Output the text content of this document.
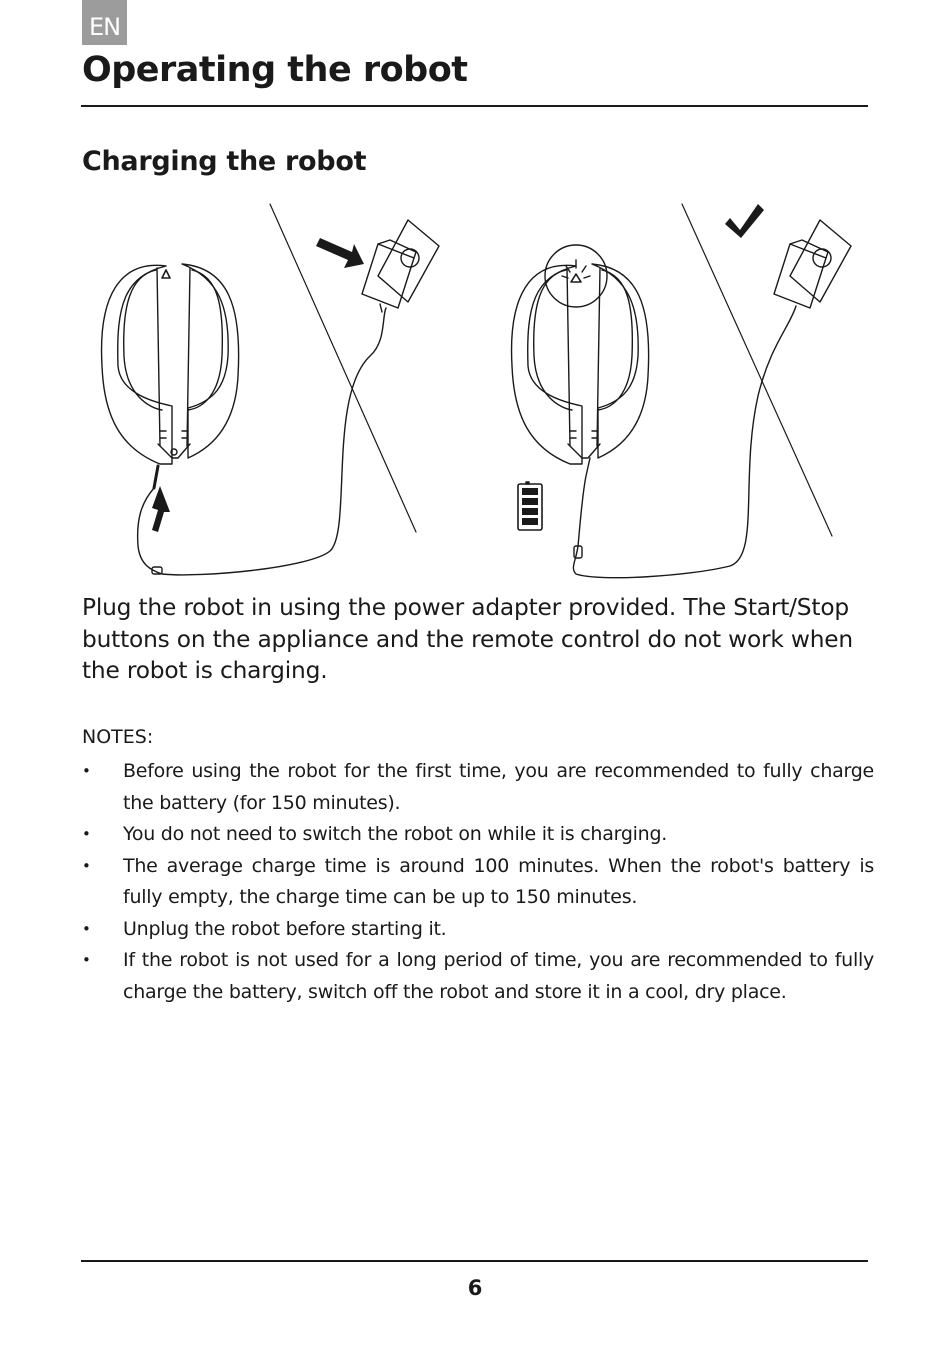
EN
Operating the robot
Charging the robot

Plug the robot in using the power adapter provided. The Start/Stop buttons on the appliance and the remote control do not work when the robot is charging.

NOTES:

• Before using the robot for the first time, you are recommended to fully charge the battery (for 150 minutes).
• You do not need to switch the robot on while it is charging.
• The average charge time is around 100 minutes. When the robot's battery is fully empty, the charge time can be up to 150 minutes.
• Unplug the robot before starting it.
• If the robot is not used for a long period of time, you are recommended to fully charge the battery, switch off the robot and store it in a cool, dry place.
6
